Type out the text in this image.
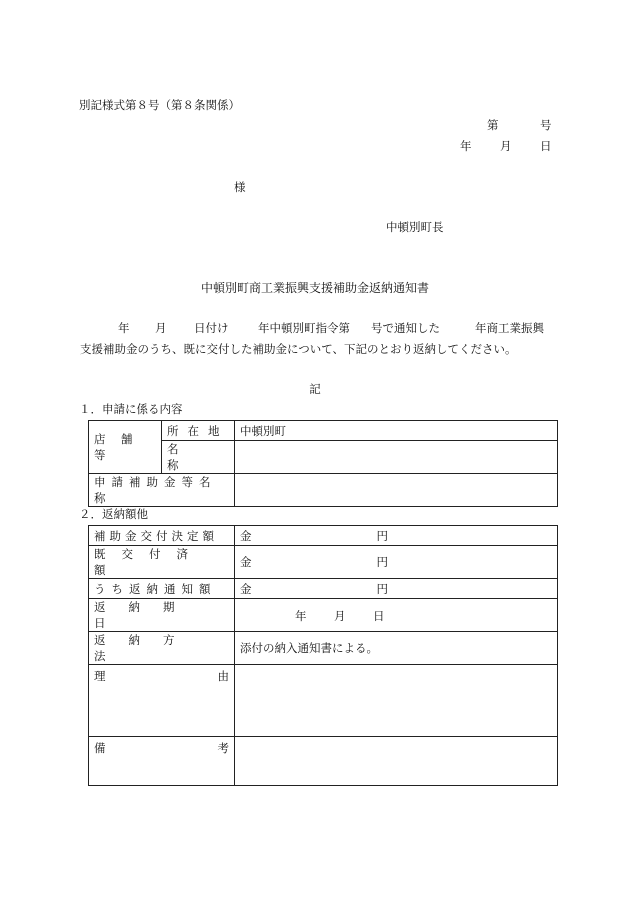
別記様式第８号（第８条関係）
第	号
年 月 日
様
中頓別町長
中頓別町商工業振興支援補助金返納通知書
年 月 日付け	年中頓別町指令第 号で通知した	年商工業振興
支援補助金のうち、既に交付した補助金について、下記のとおり返納してください。
記
１．申請に係る内容
店　舗　等	所在地	中頓別町
	名称	
申請補助金等名称		
２．返納額他
補助金交付決定額	金 円

既交付済額	金 円

うち返納通知額	金 円

返納期日	年 月 日

返納方法	添付の納入通知書による。

理 由	

備 考	
